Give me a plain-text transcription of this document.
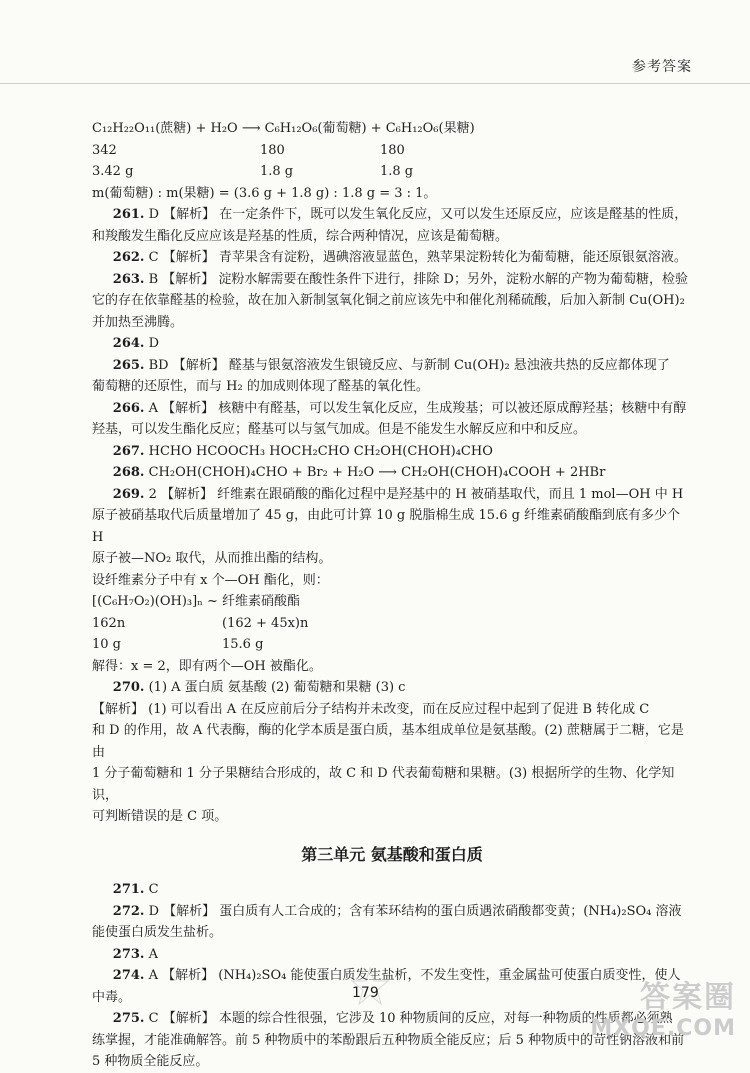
参考答案

C₁₂H₂₂O₁₁(蔗糖) + H₂O ⟶ C₆H₁₂O₆(葡萄糖) + C₆H₁₂O₆(果糖)

342	180	180
3.42 g	1.8 g	1.8 g

m(葡萄糖) : m(果糖) = (3.6 g + 1.8 g) : 1.8 g = 3 : 1。

261. D 【解析】 在一定条件下，既可以发生氧化反应，又可以发生还原反应，应该是醛基的性质，

和羧酸发生酯化反应应该是羟基的性质，综合两种情况，应该是葡萄糖。

262. C 【解析】 青苹果含有淀粉，遇碘溶液显蓝色，熟苹果淀粉转化为葡萄糖，能还原银氨溶液。

263. B 【解析】 淀粉水解需要在酸性条件下进行，排除 D；另外，淀粉水解的产物为葡萄糖，检验

它的存在依靠醛基的检验，故在加入新制氢氧化铜之前应该先中和催化剂稀硫酸，后加入新制 Cu(OH)₂

并加热至沸腾。

264. D

265. BD 【解析】 醛基与银氨溶液发生银镜反应、与新制 Cu(OH)₂ 悬浊液共热的反应都体现了

葡萄糖的还原性，而与 H₂ 的加成则体现了醛基的氧化性。

266. A 【解析】 核糖中有醛基，可以发生氧化反应，生成羧基；可以被还原成醇羟基；核糖中有醇

羟基，可以发生酯化反应；醛基可以与氢气加成。但是不能发生水解反应和中和反应。

267. HCHO HCOOCH₃ HOCH₂CHO CH₂OH(CHOH)₄CHO

268. CH₂OH(CHOH)₄CHO + Br₂ + H₂O ⟶ CH₂OH(CHOH)₄COOH + 2HBr

269. 2 【解析】 纤维素在跟硝酸的酯化过程中是羟基中的 H 被硝基取代，而且 1 mol—OH 中 H

原子被硝基取代后质量增加了 45 g，由此可计算 10 g 脱脂棉生成 15.6 g 纤维素硝酸酯到底有多少个 H

原子被—NO₂ 取代，从而推出酯的结构。

设纤维素分子中有 x 个—OH 酯化，则：

[(C₆H₇O₂)(OH)₃]ₙ ~ 纤维素硝酸酯

162n	(162 + 45x)n
10 g	15.6 g

解得：x = 2，即有两个—OH 被酯化。

270. (1) A 蛋白质 氨基酸 (2) 葡萄糖和果糖 (3) c

【解析】 (1) 可以看出 A 在反应前后分子结构并未改变，而在反应过程中起到了促进 B 转化成 C

和 D 的作用，故 A 代表酶，酶的化学本质是蛋白质，基本组成单位是氨基酸。(2) 蔗糖属于二糖，它是由

1 分子葡萄糖和 1 分子果糖结合形成的，故 C 和 D 代表葡萄糖和果糖。(3) 根据所学的生物、化学知识，

可判断错误的是 C 项。

第三单元 氨基酸和蛋白质

271. C

272. D 【解析】 蛋白质有人工合成的；含有苯环结构的蛋白质遇浓硝酸都变黄；(NH₄)₂SO₄ 溶液

能使蛋白质发生盐析。

273. A

274. A 【解析】 (NH₄)₂SO₄ 能使蛋白质发生盐析，不发生变性，重金属盐可使蛋白质变性，使人中毒。

275. C 【解析】 本题的综合性很强，它涉及 10 种物质间的反应，对每一种物质的性质都必须熟

练掌握，才能准确解答。前 5 种物质中的苯酚跟后五种物质全能反应；后 5 种物质中的苛性钠溶液和前

5 种物质全能反应。

179	答案圈
MXQE.COM
